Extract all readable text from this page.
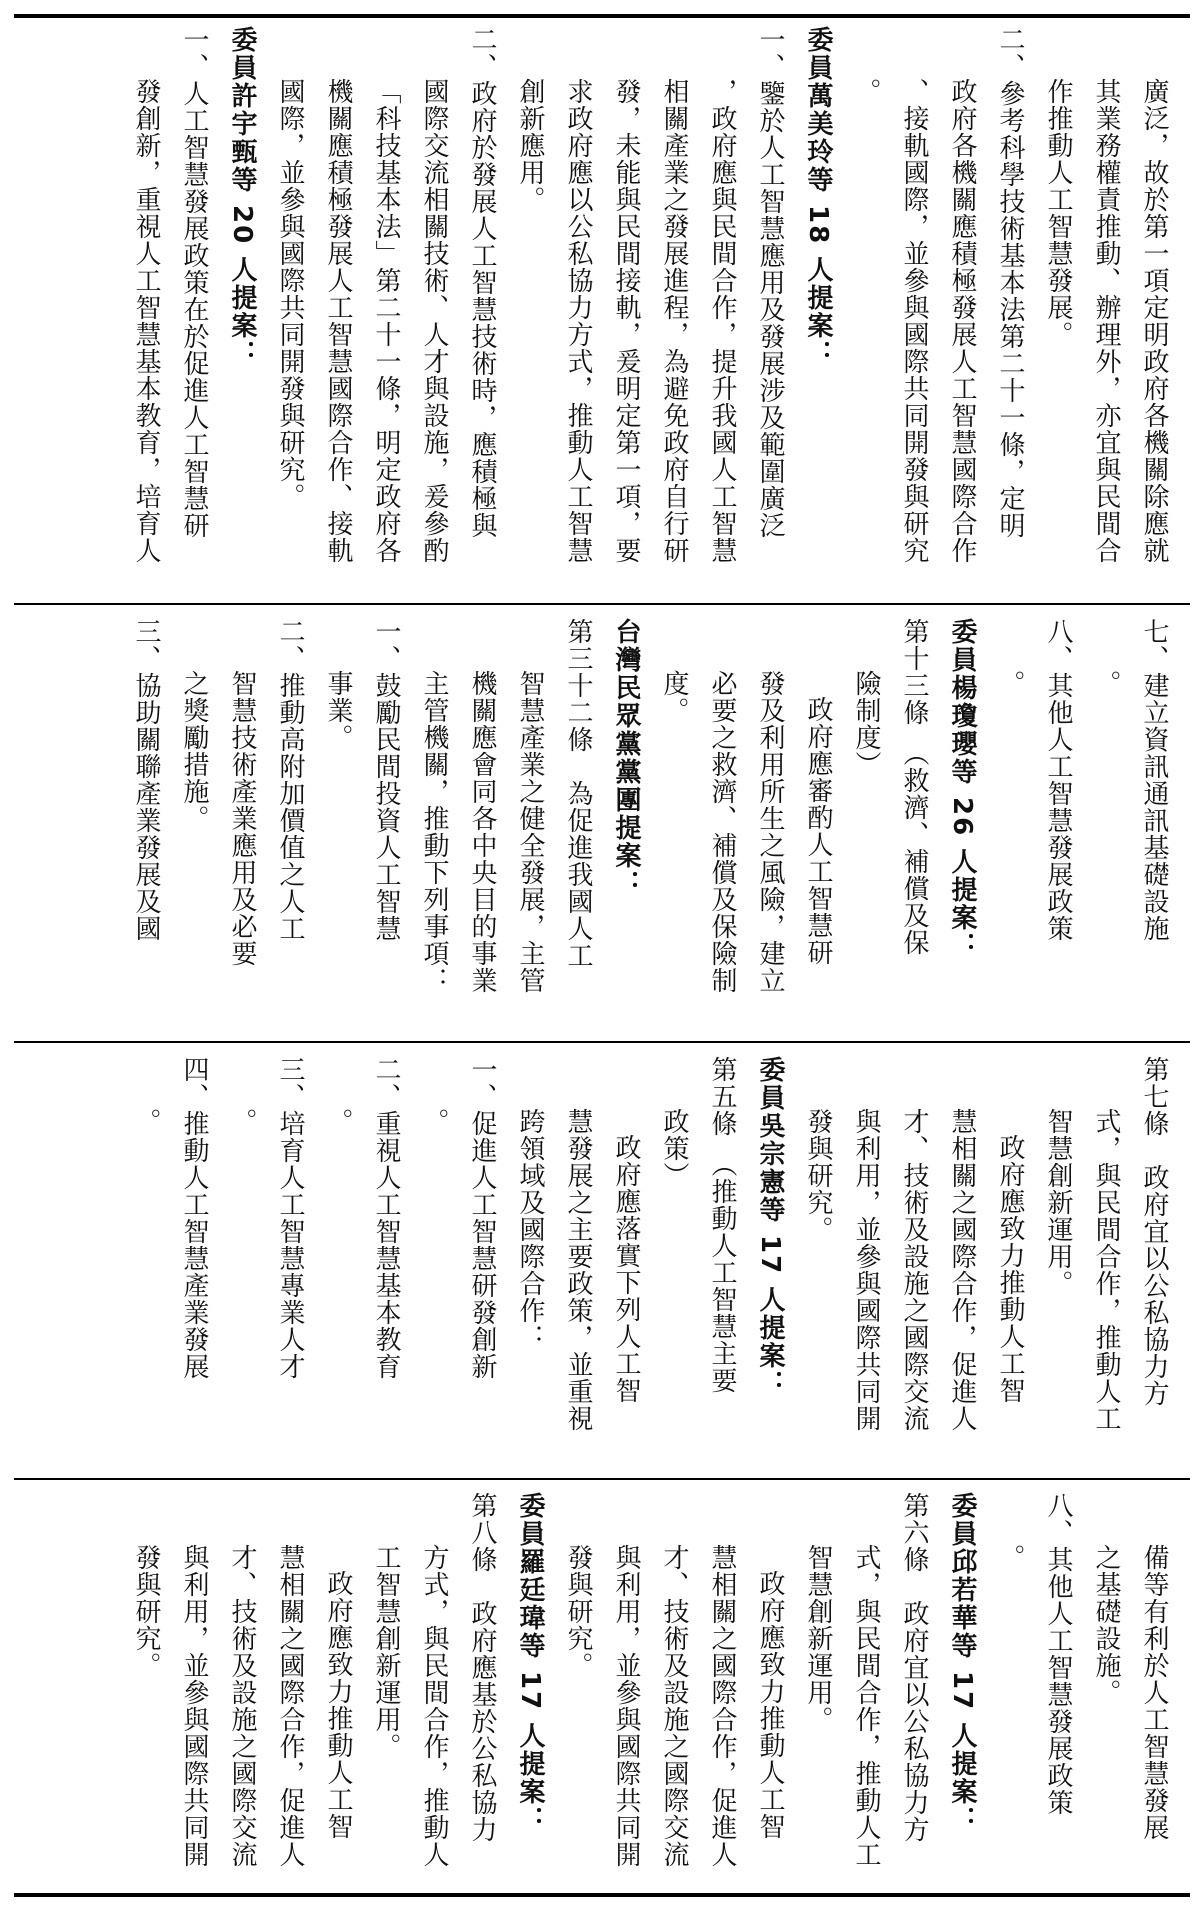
廣泛，故於第一項定明政府各機關除應就
其業務權責推動、辦理外，亦宜與民間合
作推動人工智慧發展。
二、參考科學技術基本法第二十一條，定明
政府各機關應積極發展人工智慧國際合作
、接軌國際，並參與國際共同開發與研究
。
委員萬美玲等 18 人提案：
一、鑒於人工智慧應用及發展涉及範圍廣泛
，政府應與民間合作，提升我國人工智慧
相關產業之發展進程，為避免政府自行研
發，未能與民間接軌，爰明定第一項，要
求政府應以公私協力方式，推動人工智慧
創新應用。
二、政府於發展人工智慧技術時，應積極與
國際交流相關技術、人才與設施，爰參酌
「科技基本法」第二十一條，明定政府各
機關應積極發展人工智慧國際合作、接軌
國際，並參與國際共同開發與研究。
委員許宇甄等 20 人提案：
一、人工智慧發展政策在於促進人工智慧研
發創新，重視人工智慧基本教育，培育人
七、建立資訊通訊基礎設施
。
八、其他人工智慧發展政策
。
委員楊瓊瓔等 26 人提案：
第十三條　（救濟、補償及保
險制度）
政府應審酌人工智慧研
發及利用所生之風險，建立
必要之救濟、補償及保險制
度。
台灣民眾黨黨團提案：
第三十二條　為促進我國人工
智慧產業之健全發展，主管
機關應會同各中央目的事業
主管機關，推動下列事項：
一、鼓勵民間投資人工智慧
事業。
二、推動高附加價值之人工
智慧技術產業應用及必要
之獎勵措施。
三、協助關聯產業發展及國
第七條　政府宜以公私協力方
式，與民間合作，推動人工
智慧創新運用。
政府應致力推動人工智
慧相關之國際合作，促進人
才、技術及設施之國際交流
與利用，並參與國際共同開
發與研究。
委員吳宗憲等 17 人提案：
第五條　（推動人工智慧主要
政策）
政府應落實下列人工智
慧發展之主要政策，並重視
跨領域及國際合作：
一、促進人工智慧研發創新
。
二、重視人工智慧基本教育
。
三、培育人工智慧專業人才
。
四、推動人工智慧產業發展
。
備等有利於人工智慧發展
之基礎設施。
八、其他人工智慧發展政策
。
委員邱若華等 17 人提案：
第六條　政府宜以公私協力方
式，與民間合作，推動人工
智慧創新運用。
政府應致力推動人工智
慧相關之國際合作，促進人
才、技術及設施之國際交流
與利用，並參與國際共同開
發與研究。
委員羅廷瑋等 17 人提案：
第八條　政府應基於公私協力
方式，與民間合作，推動人
工智慧創新運用。
政府應致力推動人工智
慧相關之國際合作，促進人
才、技術及設施之國際交流
與利用，並參與國際共同開
發與研究。
